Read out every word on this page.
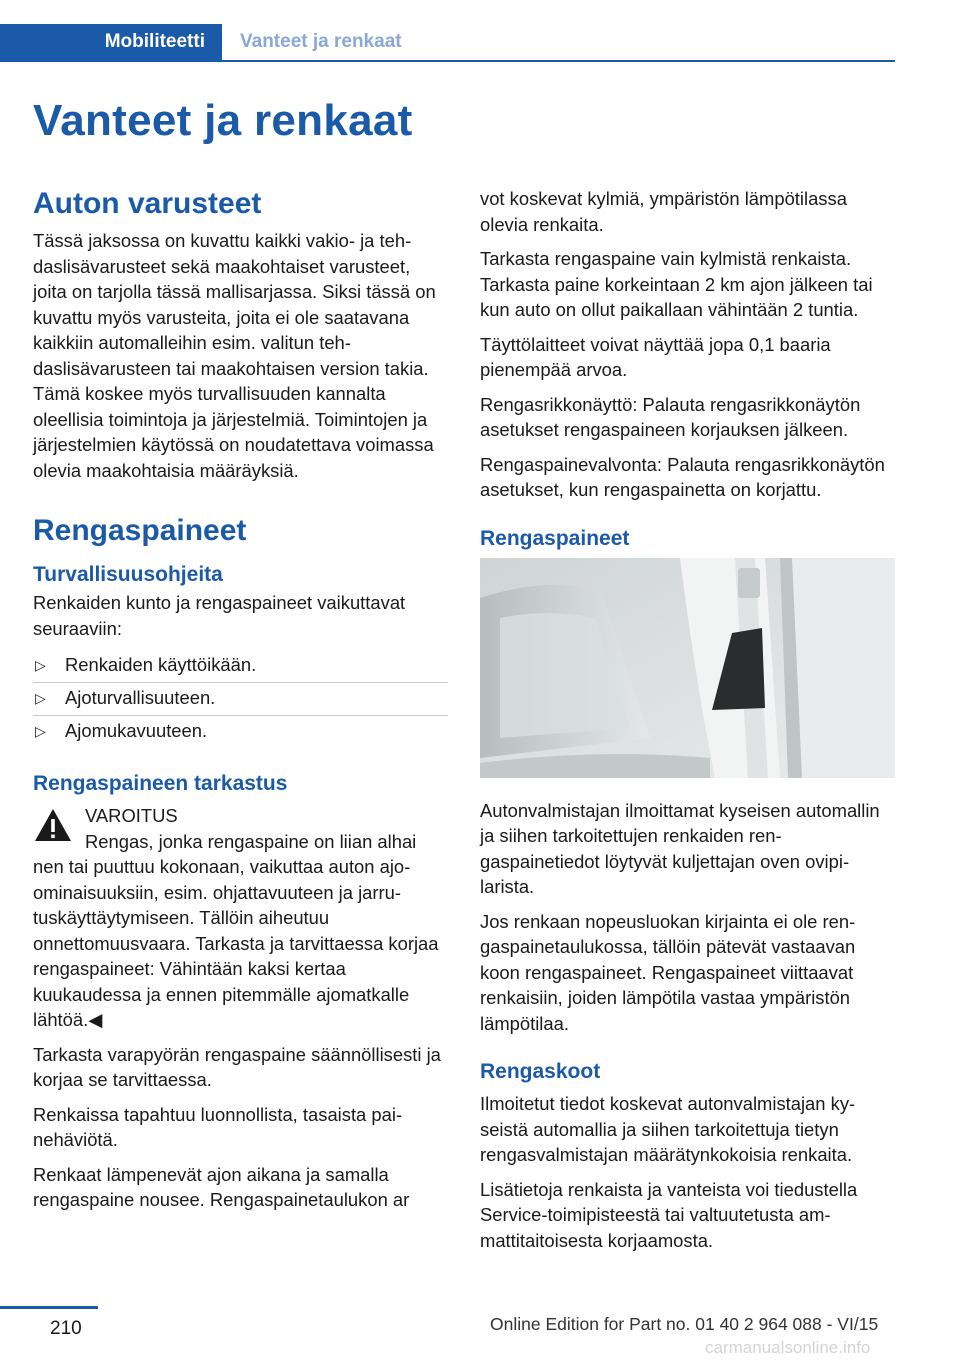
Mobiliteetti	Vanteet ja renkaat
Vanteet ja renkaat
Auton varusteet

Tässä jaksossa on kuvattu kaikki vakio- ja tehdaslisävarusteet sekä maakohtaiset varusteet, joita on tarjolla tässä mallisarjassa. Siksi tässä on kuvattu myös varusteita, joita ei ole saatavana kaikkiin automalleihin esim. valitun tehdaslisävarusteen tai maakohtaisen version takia. Tämä koskee myös turvallisuuden kannalta oleellisia toimintoja ja järjestelmiä. Toimintojen ja järjestelmien käytössä on noudatettava voimassa olevia maakohtaisia määräyksiä.

Rengaspaineet
Turvallisuusohjeita

Renkaiden kunto ja rengaspaineet vaikuttavat seuraaviin:

▷ Renkaiden käyttöikään.
▷ Ajoturvallisuuteen.
▷ Ajomukavuuteen.
Rengaspaineen tarkastus
VAROITUS
Rengas, jonka rengaspaine on liian alhai

nen tai puuttuu kokonaan, vaikuttaa auton ajoominaisuuksiin, esim. ohjattavuuteen ja jarrutuskäyttäytymiseen. Tällöin aiheutuu onnettomuusvaara. Tarkasta ja tarvittaessa korjaa rengaspaineet: Vähintään kaksi kertaa kuukaudessa ja ennen pitemmälle ajomatkalle lähtöä.◀

Tarkasta varapyörän rengaspaine säännöllisesti ja korjaa se tarvittaessa.

Renkaissa tapahtuu luonnollista, tasaista painehäviötä.

Renkaat lämpenevät ajon aikana ja samalla rengaspaine nousee. Rengaspainetaulukon ar

vot koskevat kylmiä, ympäristön lämpötilassa olevia renkaita.

Tarkasta rengaspaine vain kylmistä renkaista. Tarkasta paine korkeintaan 2 km ajon jälkeen tai kun auto on ollut paikallaan vähintään 2 tuntia.

Täyttölaitteet voivat näyttää jopa 0,1 baaria pienempää arvoa.

Rengasrikkonäyttö: Palauta rengasrikkonäytön asetukset rengaspaineen korjauksen jälkeen.

Rengaspainevalvonta: Palauta rengasrikkonäytön asetukset, kun rengaspainetta on korjattu.

Rengaspaineet

Autonvalmistajan ilmoittamat kyseisen automallin ja siihen tarkoitettujen renkaiden rengaspainetiedot löytyvät kuljettajan oven ovipilarista.

Jos renkaan nopeusluokan kirjainta ei ole rengaspainetaulukossa, tällöin pätevät vastaavan koon rengaspaineet. Rengaspaineet viittaavat renkaisiin, joiden lämpötila vastaa ympäristön lämpötilaa.

Rengaskoot

Ilmoitetut tiedot koskevat autonvalmistajan kyseistä automallia ja siihen tarkoitettuja tietyn rengasvalmistajan määrätynkokoisia renkaita.

Lisätietoja renkaista ja vanteista voi tiedustella Service-toimipisteestä tai valtuutetusta ammattitaitoisesta korjaamosta.

210	Online Edition for Part no. 01 40 2 964 088 - VI/15
carmanualsonline.info
